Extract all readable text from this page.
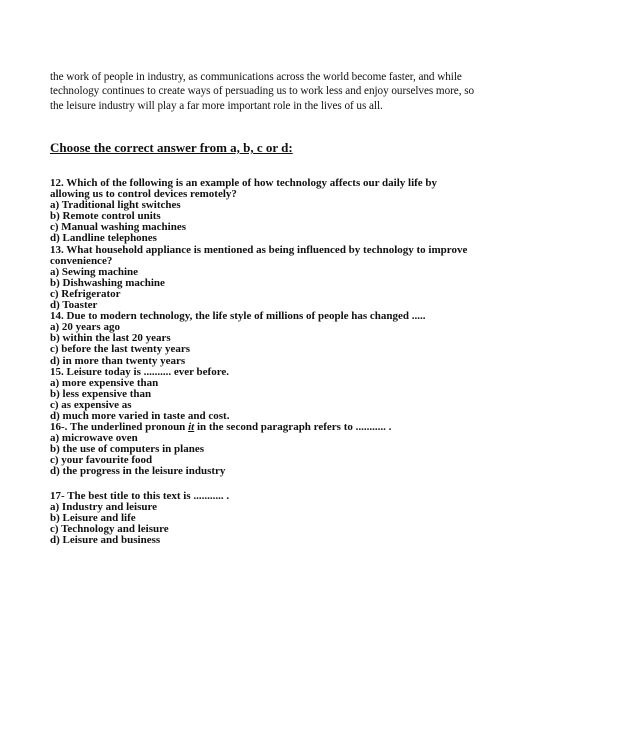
the work of people in industry, as communications across the world become faster, and while
technology continues to create ways of persuading us to work less and enjoy ourselves more, so
the leisure industry will play a far more important role in the lives of us all.
Choose the correct answer from a, b, c or d:
12. Which of the following is an example of how technology affects our daily life by
allowing us to control devices remotely?
a) Traditional light switches
b) Remote control units
c) Manual washing machines
d) Landline telephones
13. What household appliance is mentioned as being influenced by technology to improve
convenience?
a) Sewing machine
b) Dishwashing machine
c) Refrigerator
d) Toaster
14. Due to modern technology, the life style of millions of people has changed .....
a) 20 years ago
b) within the last 20 years
c) before the last twenty years
d) in more than twenty years
15. Leisure today is .......... ever before.
a) more expensive than
b) less expensive than
c) as expensive as
d) much more varied in taste and cost.
16-. The underlined pronoun it in the second paragraph refers to ........... .
a) microwave oven
b) the use of computers in planes
c) your favourite food
d) the progress in the leisure industry
17- The best title to this text is ........... .
a) Industry and leisure
b) Leisure and life
c) Technology and leisure
d) Leisure and business
